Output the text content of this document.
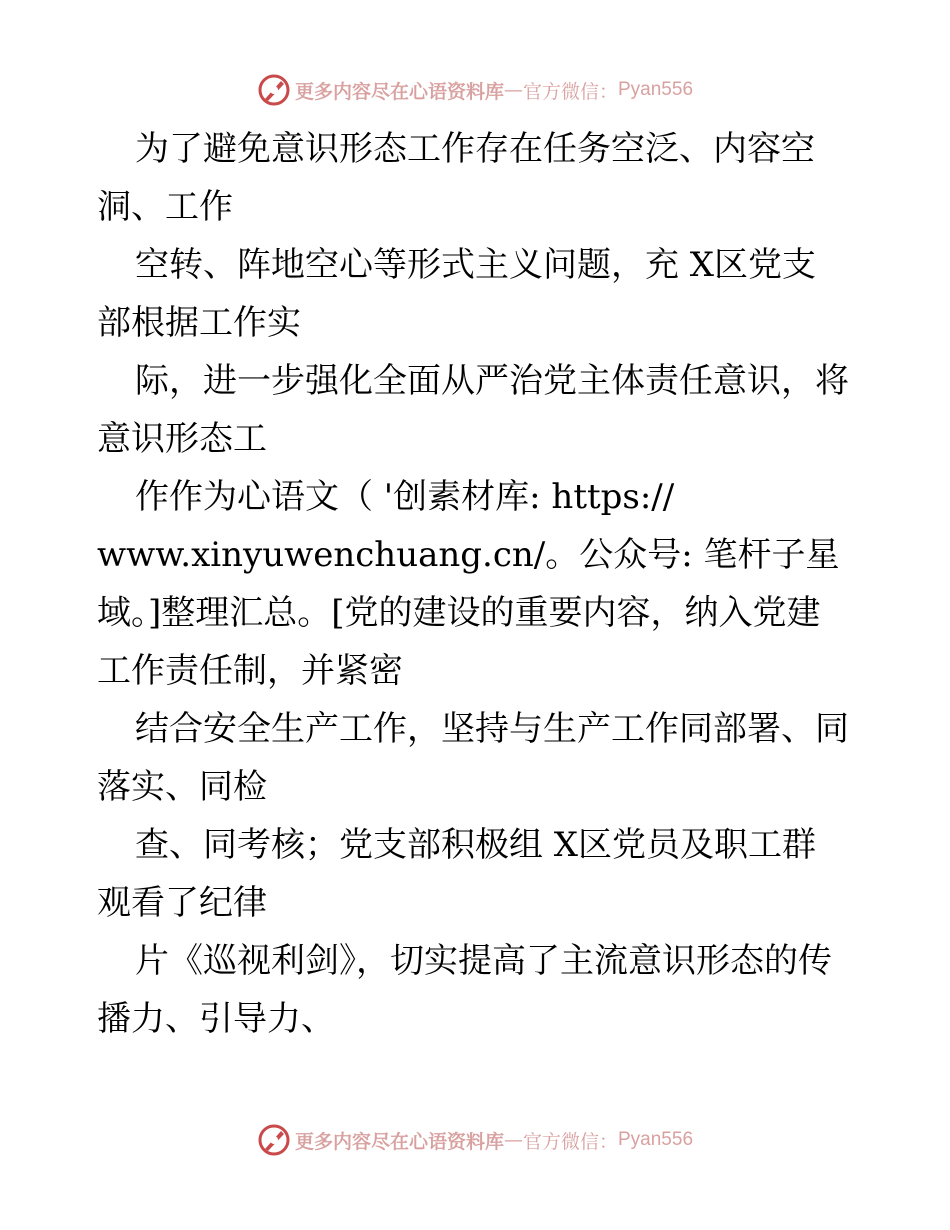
更多内容尽在心语资料库 — 官方微信： Pyan556
为了避免意识形态工作存在任务空泛、内容空
洞、工作
空转、阵地空心等形式主义问题，充 X区党支
部根据工作实
际，进一步强化全面从严治党主体责任意识，将
意识形态工
作作为心语文（ '创素材库: https://
www.xinyuwenchuang.cn/。公众号: 笔杆子星
域。]整理汇总。[党的建设的重要内容，纳入党建
工作责任制，并紧密
结合安全生产工作，坚持与生产工作同部署、同
落实、同检
查、同考核；党支部积极组 X区党员及职工群
观看了纪律
片《巡视利剑》，切实提高了主流意识形态的传
播力、引导力、
更多内容尽在心语资料库 — 官方微信： Pyan556
